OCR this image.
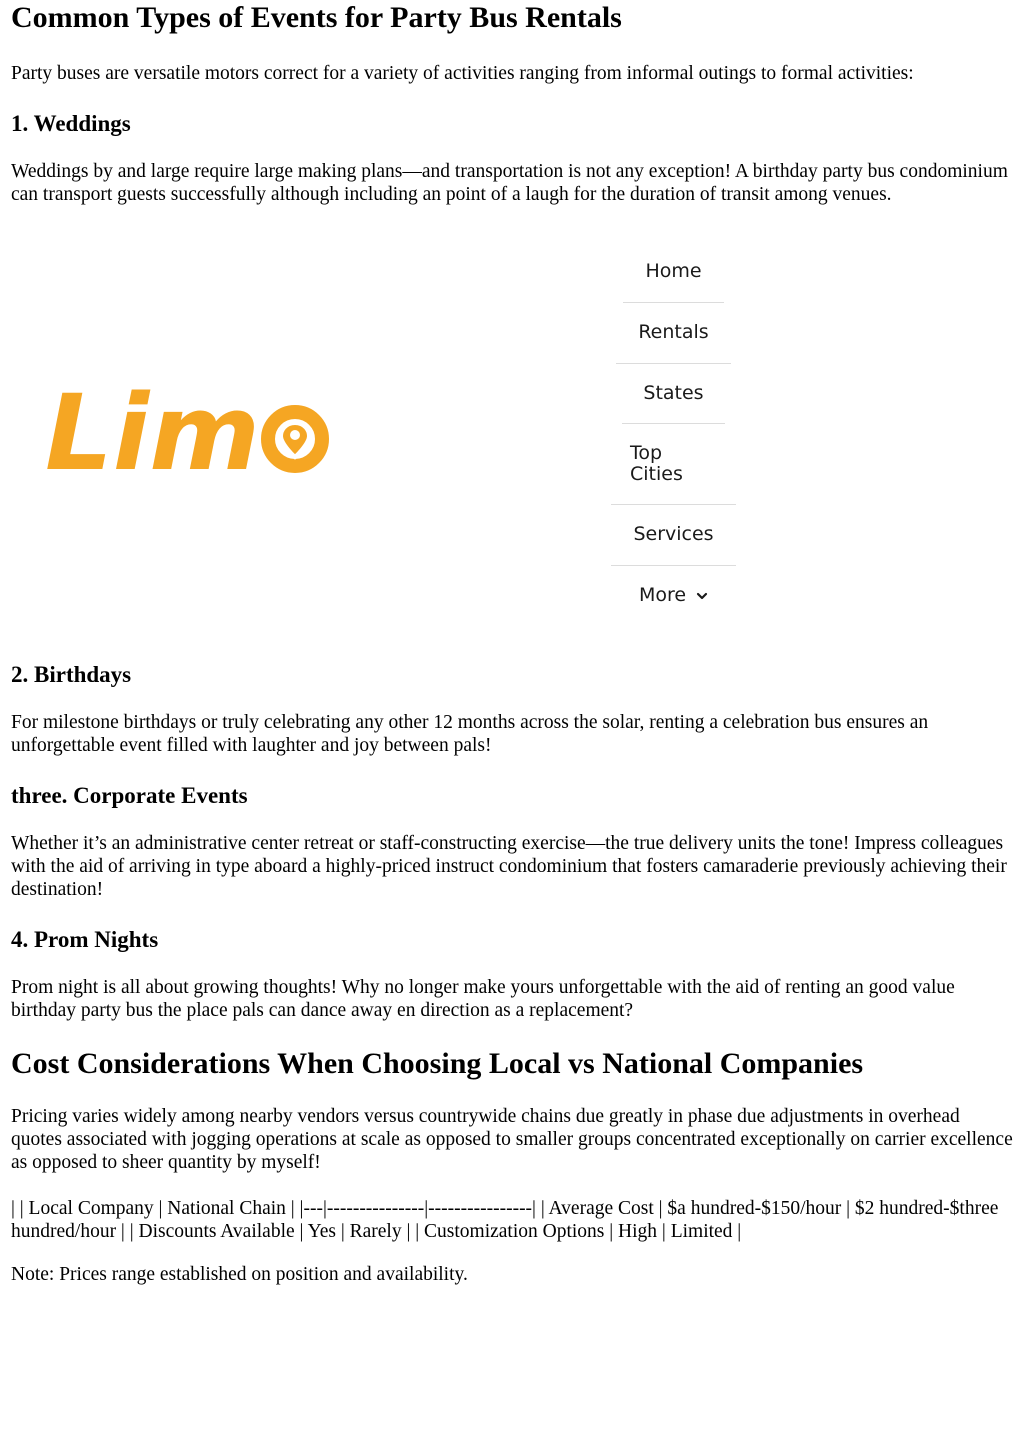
Common Types of Events for Party Bus Rentals

Party buses are versatile motors correct for a variety of activities ranging from informal outings to formal activities:

1. Weddings

Weddings by and large require large making plans—and transportation is not any exception! A birthday party bus condominium can transport guests successfully although including an point of a laugh for the duration of transit among venues.

Lim
Home
Rentals
States
Top
Cities
Services
More
2. Birthdays

For milestone birthdays or truly celebrating any other 12 months across the solar, renting a celebration bus ensures an unforgettable event filled with laughter and joy between pals!

three. Corporate Events

Whether it’s an administrative center retreat or staff-constructing exercise—the true delivery units the tone! Impress colleagues with the aid of arriving in type aboard a highly-priced instruct condominium that fosters camaraderie previously achieving their destination!

4. Prom Nights

Prom night is all about growing thoughts! Why no longer make yours unforgettable with the aid of renting an good value birthday party bus the place pals can dance away en direction as a replacement?

Cost Considerations When Choosing Local vs National Companies

Pricing varies widely among nearby vendors versus countrywide chains due greatly in phase due adjustments in overhead quotes associated with jogging operations at scale as opposed to smaller groups concentrated exceptionally on carrier excellence as opposed to sheer quantity by myself!

| | Local Company | National Chain | |---|---------------|----------------| | Average Cost | $a hundred-$150/hour | $2 hundred-$three hundred/hour | | Discounts Available | Yes | Rarely | | Customization Options | High | Limited |

Note: Prices range established on position and availability.
